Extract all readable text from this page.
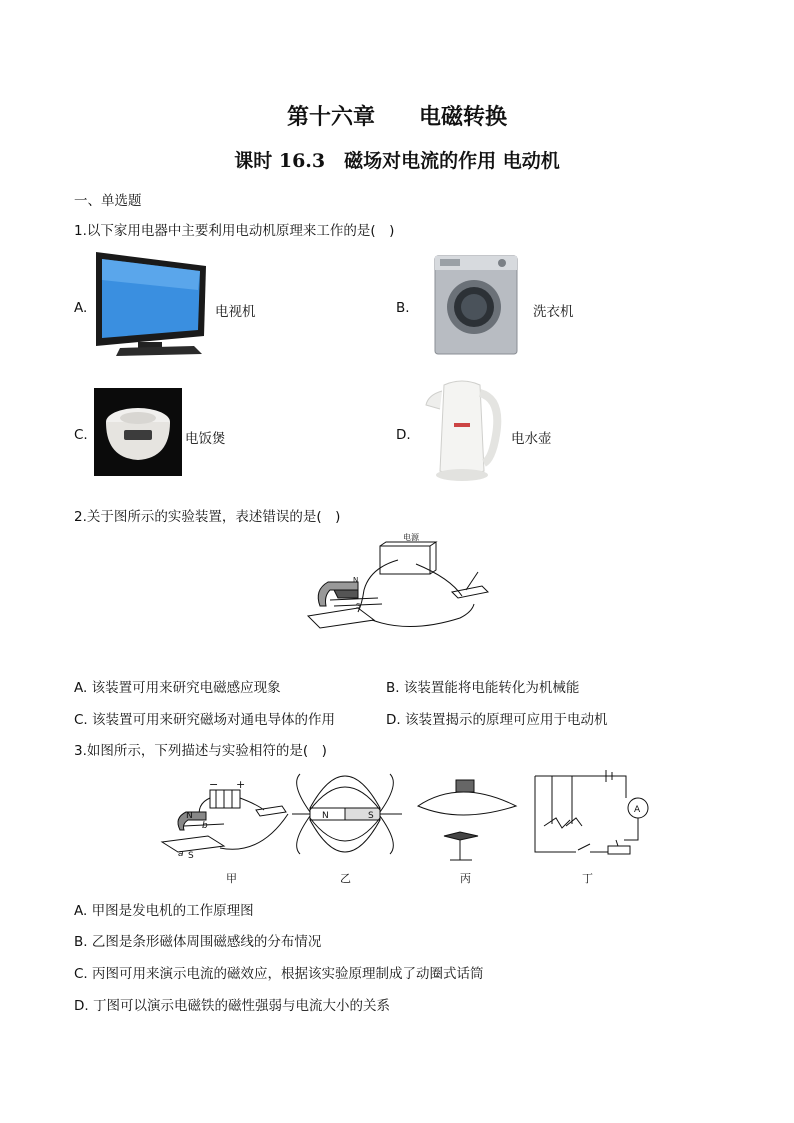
第十六章　　电磁转换
课时 16.3　磁场对电流的作用 电动机
一、单选题
1.以下家用电器中主要利用电动机原理来工作的是(　)
A.	电视机	B.	洗衣机
C.	电饭煲	D.	电水壶
2.关于图所示的实验装置，表述错误的是(　)
电源
N
S
A. 该装置可用来研究电磁感应现象	B. 该装置能将电能转化为机械能
C. 该装置可用来研究磁场对通电导体的作用	D. 该装置揭示的原理可应用于电动机
3.如图所示，下列描述与实验相符的是(　)
− +
N
S
a
b
N	S
A
甲	乙	丙	丁
A. 甲图是发电机的工作原理图
B. 乙图是条形磁体周围磁感线的分布情况
C. 丙图可用来演示电流的磁效应，根据该实验原理制成了动圈式话筒
D. 丁图可以演示电磁铁的磁性强弱与电流大小的关系
